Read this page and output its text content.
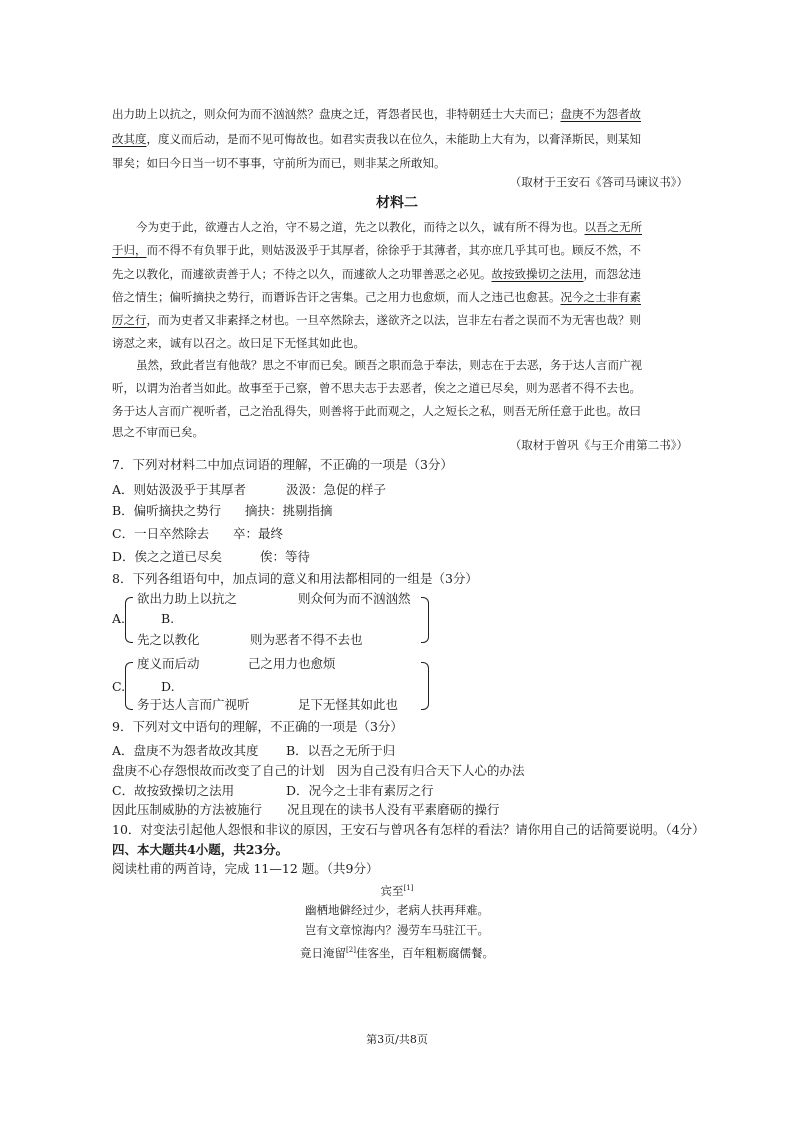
出力助上以抗之，则众何为而不汹汹然？盘庚之迁，胥怨者民也，非特朝廷士大夫而已；盘庚不为怨者故
改其度，度义而后动，是而不见可悔故也。如君实责我以在位久，未能助上大有为，以膏泽斯民，则某知
罪矣；如曰今日当一切不事事，守前所为而已，则非某之所敢知。
（取材于王安石《答司马谏议书》）
材料二
今为吏于此，欲遵古人之治，守不易之道，先之以教化，而待之以久，诚有所不得为也。以吾之无所
于归，而不得不有负罪于此，则姑汲汲乎于其厚者，徐徐乎于其薄者，其亦庶几乎其可也。顾反不然，不
先之以教化，而遽欲责善于人；不待之以久，而遽欲人之功罪善恶之必见。故按致操切之法用，而怨忿违
倍之情生；偏听摘抉之势行，而谮诉告讦之害集。己之用力也愈烦，而人之违己也愈甚。况今之士非有素
厉之行，而为吏者又非素择之材也。一旦卒然除去，遂欲齐之以法，岂非左右者之误而不为无害也哉？则
谤怼之来，诚有以召之。故曰足下无怪其如此也。
虽然，致此者岂有他哉？思之不审而已矣。顾吾之职而急于奉法，则志在于去恶，务于达人言而广视
听，以谓为治者当如此。故事至于己察，曾不思夫志于去恶者，俟之之道已尽矣，则为恶者不得不去也。
务于达人言而广视听者，己之治乱得失，则善将于此而观之，人之短长之私，则吾无所任意于此也。故曰
思之不审而已矣。
（取材于曾巩《与王介甫第二书》）
7．下列对材料二中加点词语的理解，不正确的一项是（3分）
A．则姑汲汲乎于其厚者	汲汲：急促的样子
B．偏听摘抉之势行 摘抉：挑剔指摘
C．一日卒然除去 卒：最终
D．俟之之道已尽矣	俟：等待
8．下列各组语句中，加点词的意义和用法都相同的一组是（3分）
A.
欲出力助上以抗之	则众何为而不汹汹然
B.
先之以教化	则为恶者不得不去也
C.
度义而后动	己之用力也愈烦
D.
务于达人言而广视听	足下无怪其如此也
9．下列对文中语句的理解，不正确的一项是（3分）
A．盘庚不为怨者故改其度 B．以吾之无所于归
盘庚不心存怨恨故而改变了自己的计划　因为自己没有归合天下人心的办法
C．故按致操切之法用	D．况今之士非有素厉之行
因此压制威胁的方法被施行　　况且现在的读书人没有平素磨砺的操行
10．对变法引起他人怨恨和非议的原因，王安石与曾巩各有怎样的看法？请你用自己的话简要说明。（4分）
四、本大题共4小题，共23分。
阅读杜甫的两首诗，完成 11—12 题。（共9分）
宾至[1]
幽栖地僻经过少，老病人扶再拜难。
岂有文章惊海内？漫劳车马驻江干。
竟日淹留[2]佳客坐，百年粗粝腐儒餐。
第3页/共8页
